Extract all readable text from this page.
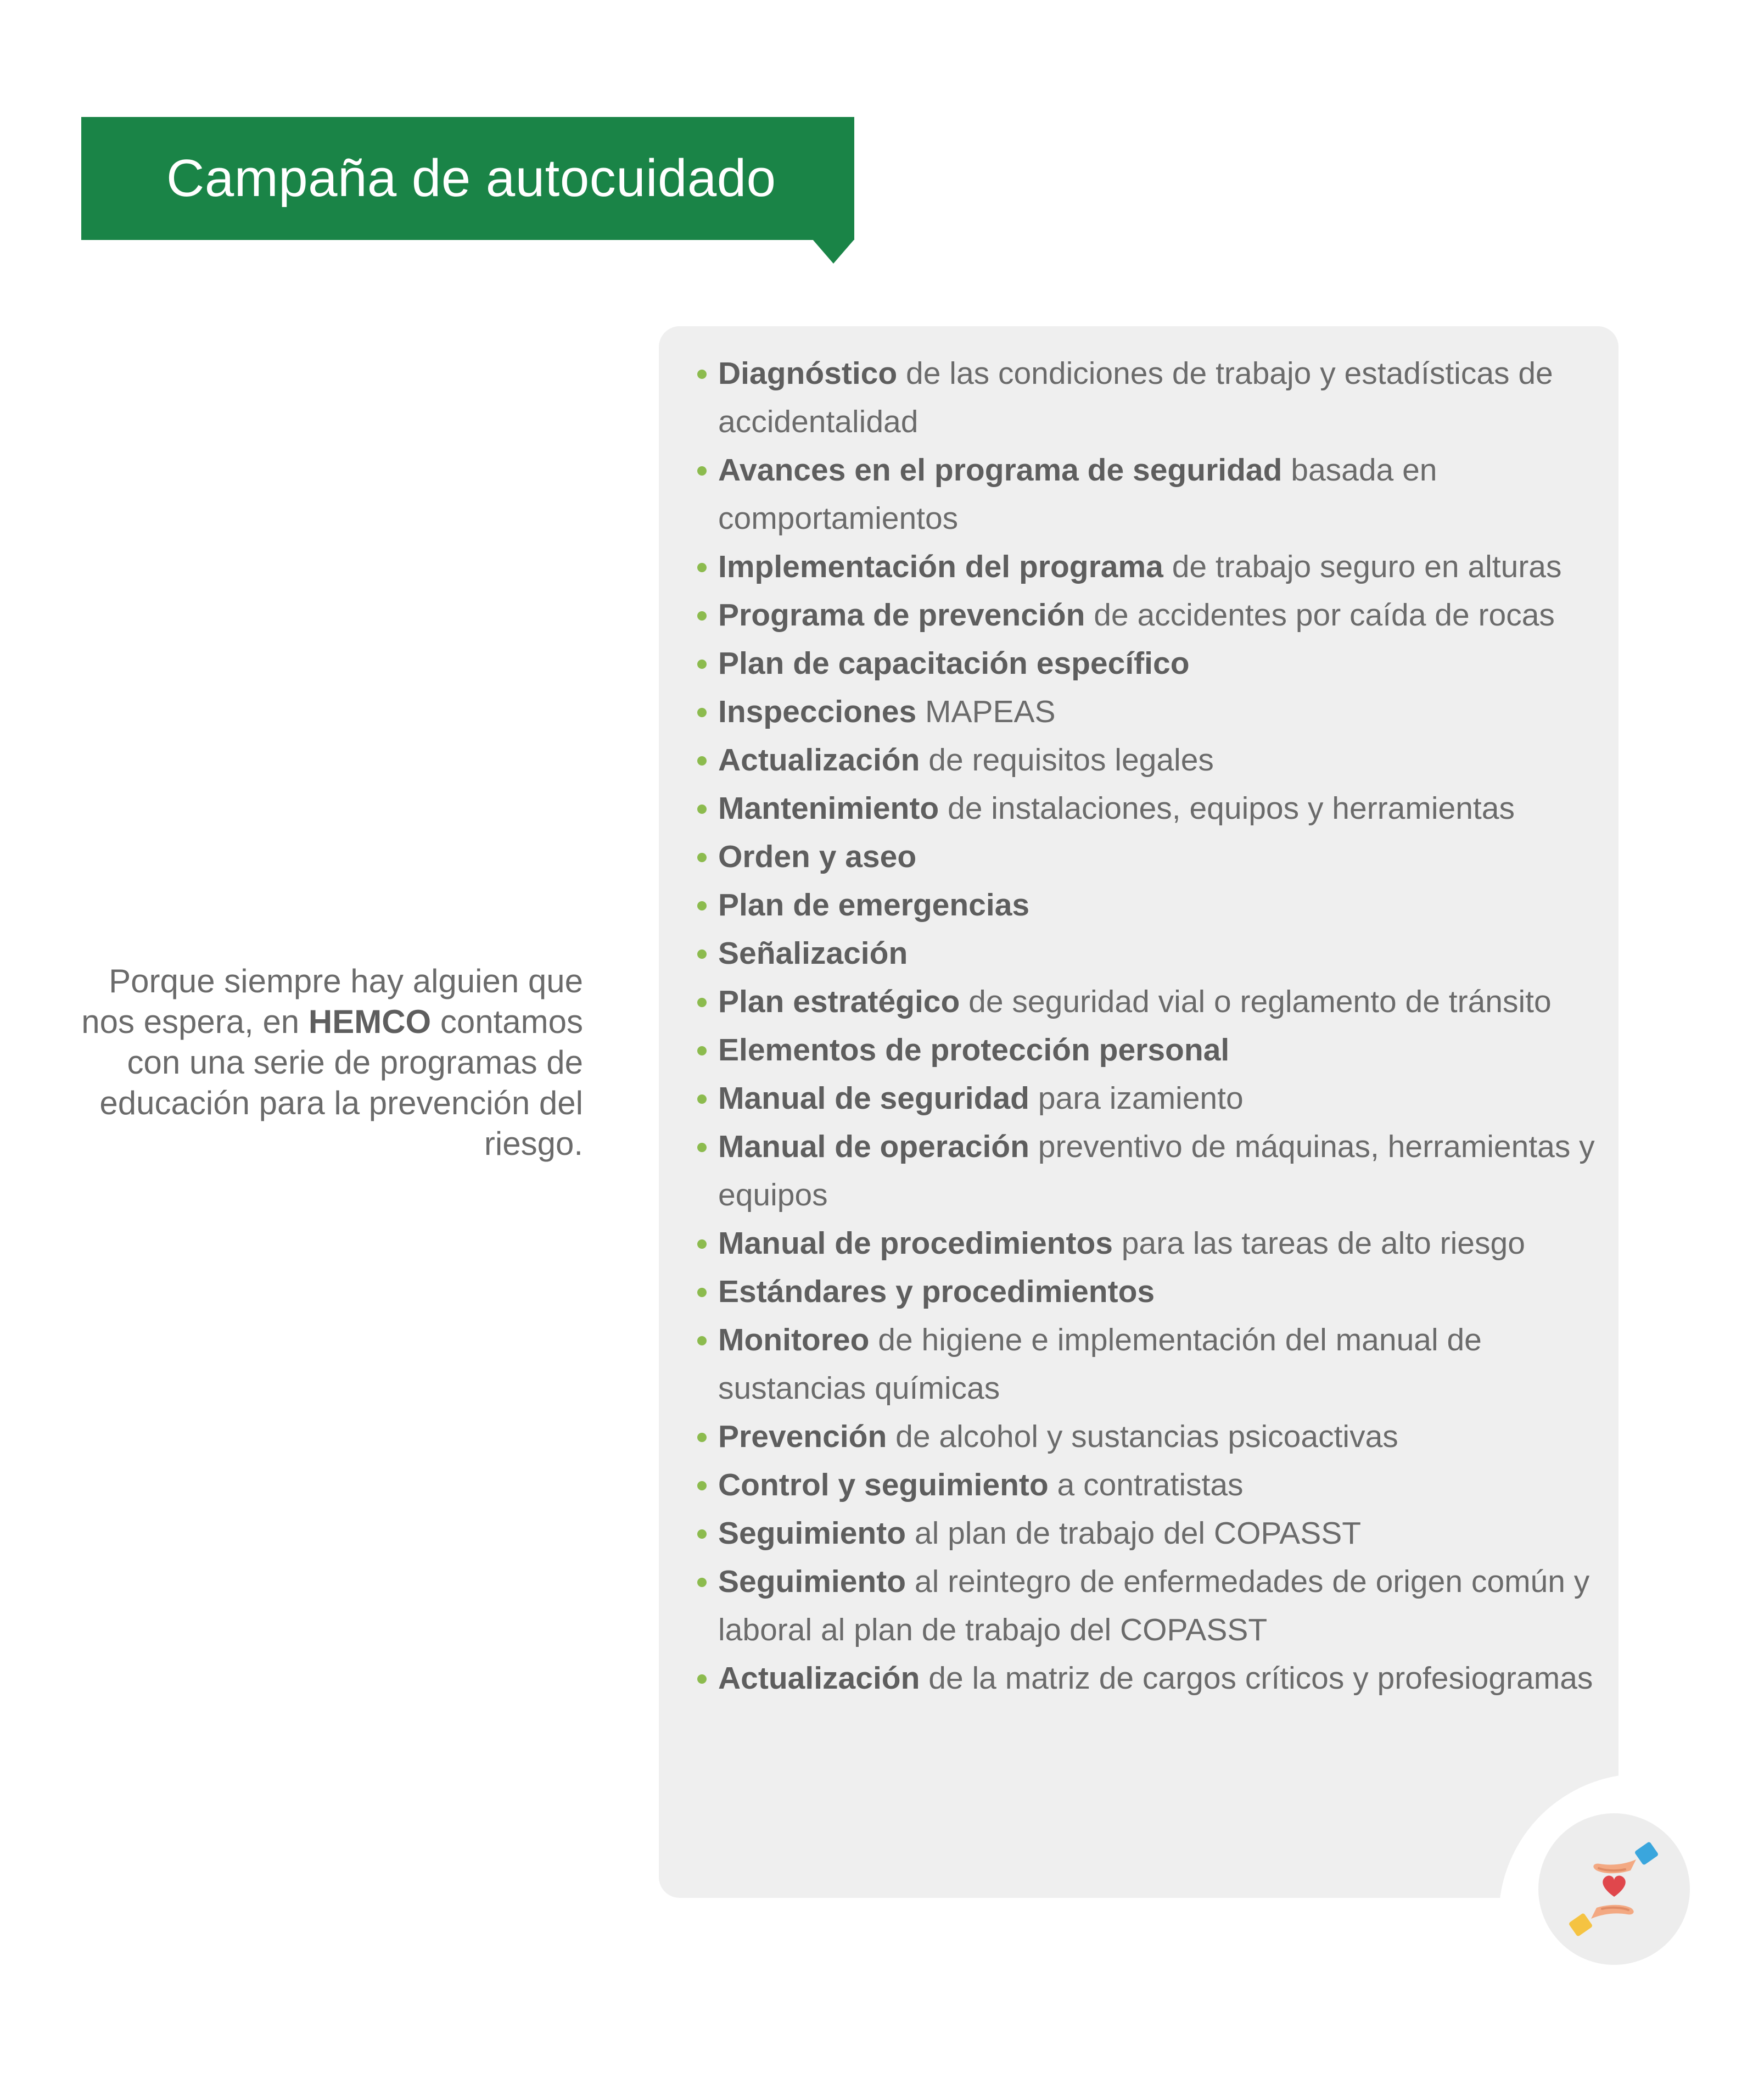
Campaña de autocuidado

Porque siempre hay alguien que nos espera, en HEMCO contamos con una serie de programas de educación para la prevención del riesgo.

Diagnóstico de las condiciones de trabajo y estadísticas de accidentalidad
Avances en el programa de seguridad basada en comportamientos
Implementación del programa de trabajo seguro en alturas
Programa de prevención de accidentes por caída de rocas
Plan de capacitación específico
Inspecciones MAPEAS
Actualización de requisitos legales
Mantenimiento de instalaciones, equipos y herramientas
Orden y aseo
Plan de emergencias
Señalización
Plan estratégico de seguridad vial o reglamento de tránsito
Elementos de protección personal
Manual de seguridad para izamiento
Manual de operación preventivo de máquinas, herramientas y equipos
Manual de procedimientos para las tareas de alto riesgo
Estándares y procedimientos
Monitoreo de higiene e implementación del manual de sustancias químicas
Prevención de alcohol y sustancias psicoactivas
Control y seguimiento a contratistas
Seguimiento al plan de trabajo del COPASST
Seguimiento al reintegro de enfermedades de origen común y laboral al plan de trabajo del COPASST
Actualización de la matriz de cargos críticos y profesiogramas
